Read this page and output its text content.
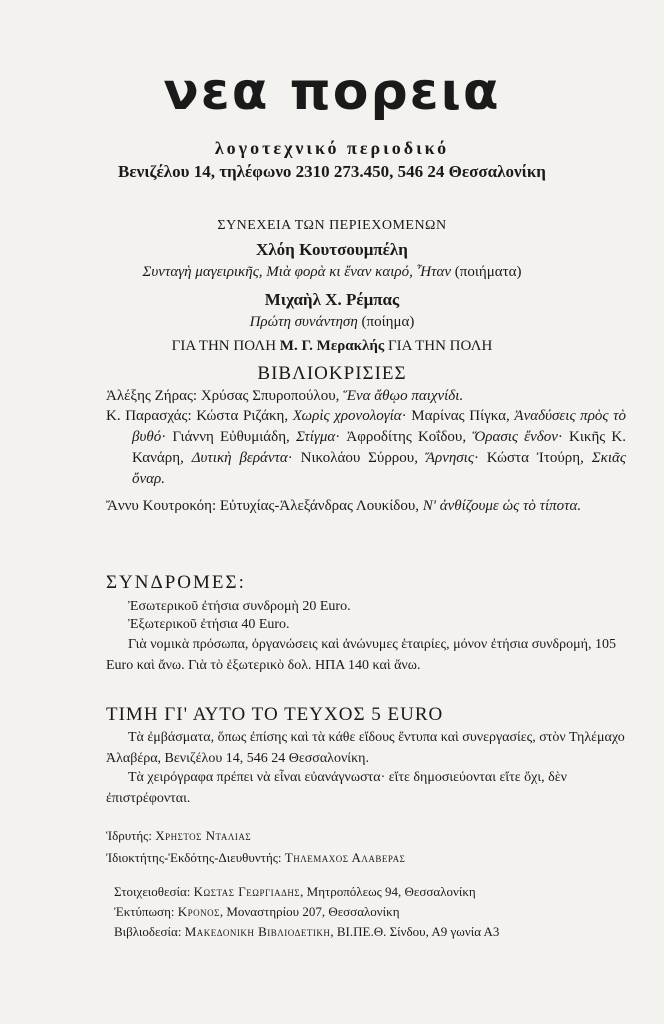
νεα πορεια
λογοτεχνικό περιοδικό
Βενιζέλου 14, τηλέφωνο 2310 273.450, 546 24 Θεσσαλονίκη
ΣΥΝΕΧΕΙΑ ΤΩΝ ΠΕΡΙΕΧΟΜΕΝΩΝ
Χλόη Κουτσουμπέλη
Συνταγὴ μαγειρικῆς, Μιὰ φορὰ κι ἕναν καιρό, Ἦταν (ποιήματα)
Μιχαὴλ Χ. Ρέμπας
Πρώτη συνάντηση (ποίημα)
ΓΙΑ ΤΗΝ ΠΟΛΗ Μ. Γ. Μερακλής ΓΙΑ ΤΗΝ ΠΟΛΗ
ΒΙΒΛΙΟΚΡΙΣΙΕΣ
Ἀλέξης Ζήρας: Χρύσας Σπυροπούλου, Ἕνα ἄθῳο παιχνίδι.
Κ. Παρασχάς: Κώστα Ριζάκη, Χωρὶς χρονολογία· Μαρίνας Πίγκα, Ἀναδύσεις πρὸς τὸ βυθό· Γιάννη Εὐθυμιάδη, Στίγμα· Ἀφροδίτης Κοΐδου, Ὅρασις ἔνδον· Κικῆς Κ. Κανάρη, Δυτικὴ βεράντα· Νικολάου Σύρρου, Ἄρνησις· Κώστα Ἰτούρη, Σκιᾶς ὄναρ.
Ἄννυ Κουτροκόη: Εὐτυχίας-Ἀλεξάνδρας Λουκίδου, Ν' ἀνθίζουμε ὡς τὸ τίποτα.
ΣΥΝΔΡΟΜΕΣ:
Ἐσωτερικοῦ ἐτήσια συνδρομὴ 20 Euro.
Ἐξωτερικοῦ ἐτήσια 40 Euro.
Γιὰ νομικὰ πρόσωπα, ὀργανώσεις καὶ ἀνώνυμες ἑταιρίες, μόνον ἐτήσια συνδρομή, 105 Euro καὶ ἄνω. Γιὰ τὸ ἐξωτερικὸ δολ. ΗΠΑ 140 καὶ ἄνω.
ΤΙΜΗ ΓΙ' ΑΥΤΟ ΤΟ ΤΕΥΧΟΣ 5 EURO
Τὰ ἐμβάσματα, ὅπως ἐπίσης καὶ τὰ κάθε εἴδους ἔντυπα καὶ συνεργασίες, στὸν Τηλέμαχο Ἀλαβέρα, Βενιζέλου 14, 546 24 Θεσσαλονίκη.
Τὰ χειρόγραφα πρέπει νὰ εἶναι εὐανάγνωστα· εἴτε δημοσιεύονται εἴτε ὄχι, δὲν ἐπιστρέφονται.
Ἱδρυτής: Χρηστος Νταλιας
Ἰδιοκτήτης-Ἐκδότης-Διευθυντής: Τηλεμαχος Αλαβερας
Στοιχειοθεσία: Κωστας Γεωργιαδης, Μητροπόλεως 94, Θεσσαλονίκη
Ἐκτύπωση: Κρονος, Μοναστηρίου 207, Θεσσαλονίκη
Βιβλιοδεσία: Μακεδονικη Βιβλιοδετικη, ΒΙ.ΠΕ.Θ. Σίνδου, Α9 γωνία Α3
